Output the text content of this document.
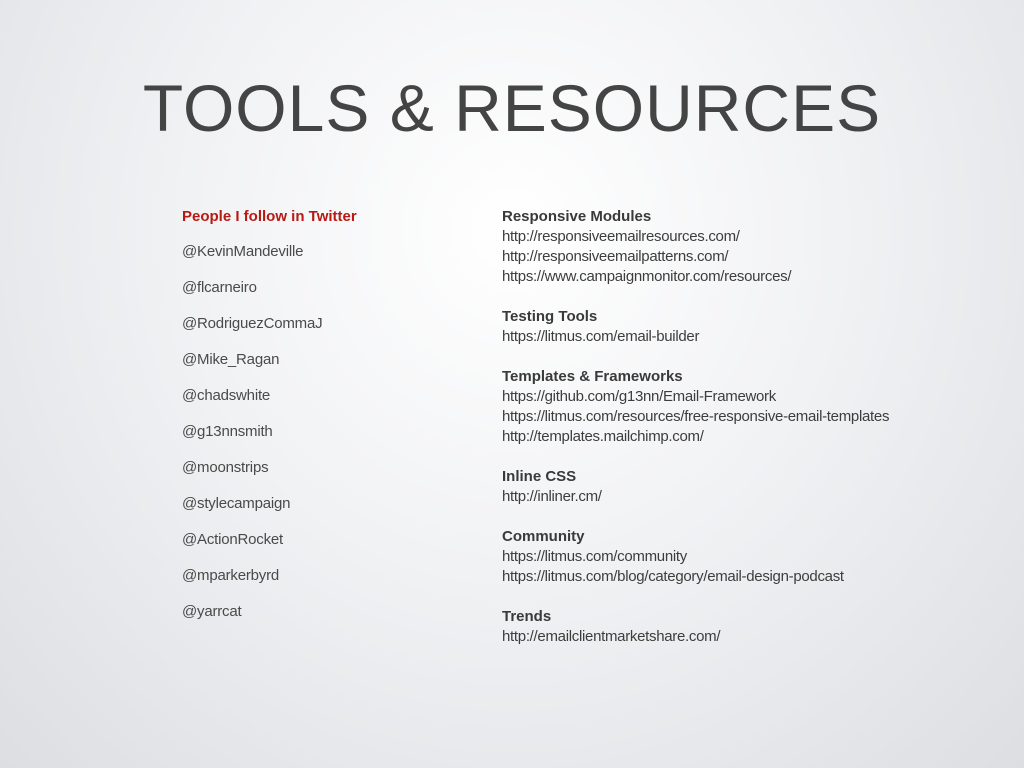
TOOLS & RESOURCES

People I follow in Twitter

@KevinMandeville
@flcarneiro
@RodriguezCommaJ
@Mike_Ragan
@chadswhite
@g13nnsmith
@moonstrips
@stylecampaign
@ActionRocket
@mparkerbyrd
@yarrcat
Responsive Modules
http://responsiveemailresources.com/
http://responsiveemailpatterns.com/
https://www.campaignmonitor.com/resources/
Testing Tools
https://litmus.com/email-builder
Templates & Frameworks
https://github.com/g13nn/Email-Framework
https://litmus.com/resources/free-responsive-email-templates
http://templates.mailchimp.com/
Inline CSS
http://inliner.cm/
Community
https://litmus.com/community
https://litmus.com/blog/category/email-design-podcast
Trends
http://emailclientmarketshare.com/
